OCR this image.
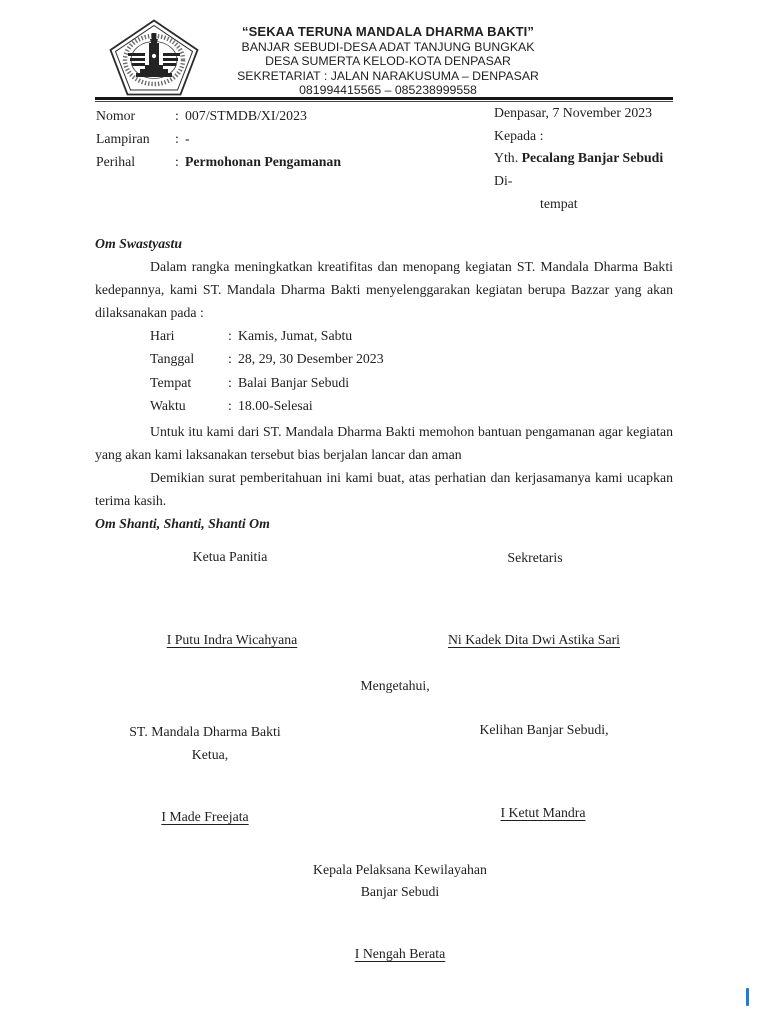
“SEKAA TERUNA MANDALA DHARMA BAKTI”
BANJAR SEBUDI-DESA ADAT TANJUNG BUNGKAK
DESA SUMERTA KELOD-KOTA DENPASAR
SEKRETARIAT : JALAN NARAKUSUMA – DENPASAR
081994415565 – 085238999558
Nomor	: 007/STMDB/XI/2023
Lampiran	: -
Perihal	: Permohonan Pengamanan
Denpasar, 7 November 2023
Kepada :
Yth. Pecalang Banjar Sebudi
Di-
tempat

Om Swastyastu

Dalam rangka meningkatkan kreatifitas dan menopang kegiatan ST. Mandala Dharma Bakti kedepannya, kami ST. Mandala Dharma Bakti menyelenggarakan kegiatan berupa Bazzar yang akan dilaksanakan pada :

Hari	: Kamis, Jumat, Sabtu
Tanggal	: 28, 29, 30 Desember 2023
Tempat	: Balai Banjar Sebudi
Waktu	: 18.00-Selesai

Untuk itu kami dari ST. Mandala Dharma Bakti memohon bantuan pengamanan agar kegiatan yang akan kami laksanakan tersebut bias berjalan lancar dan aman

Demikian surat pemberitahuan ini kami buat, atas perhatian dan kerjasamanya kami ucapkan terima kasih.

Om Shanti, Shanti, Shanti Om

Ketua Panitia	Sekretaris
I Putu Indra Wicahyana	Ni Kadek Dita Dwi Astika Sari
Mengetahui,
ST. Mandala Dharma Bakti
Ketua,
Kelihan Banjar Sebudi,
I Made Freejata	I Ketut Mandra
Kepala Pelaksana Kewilayahan
Banjar Sebudi
I Nengah Berata
